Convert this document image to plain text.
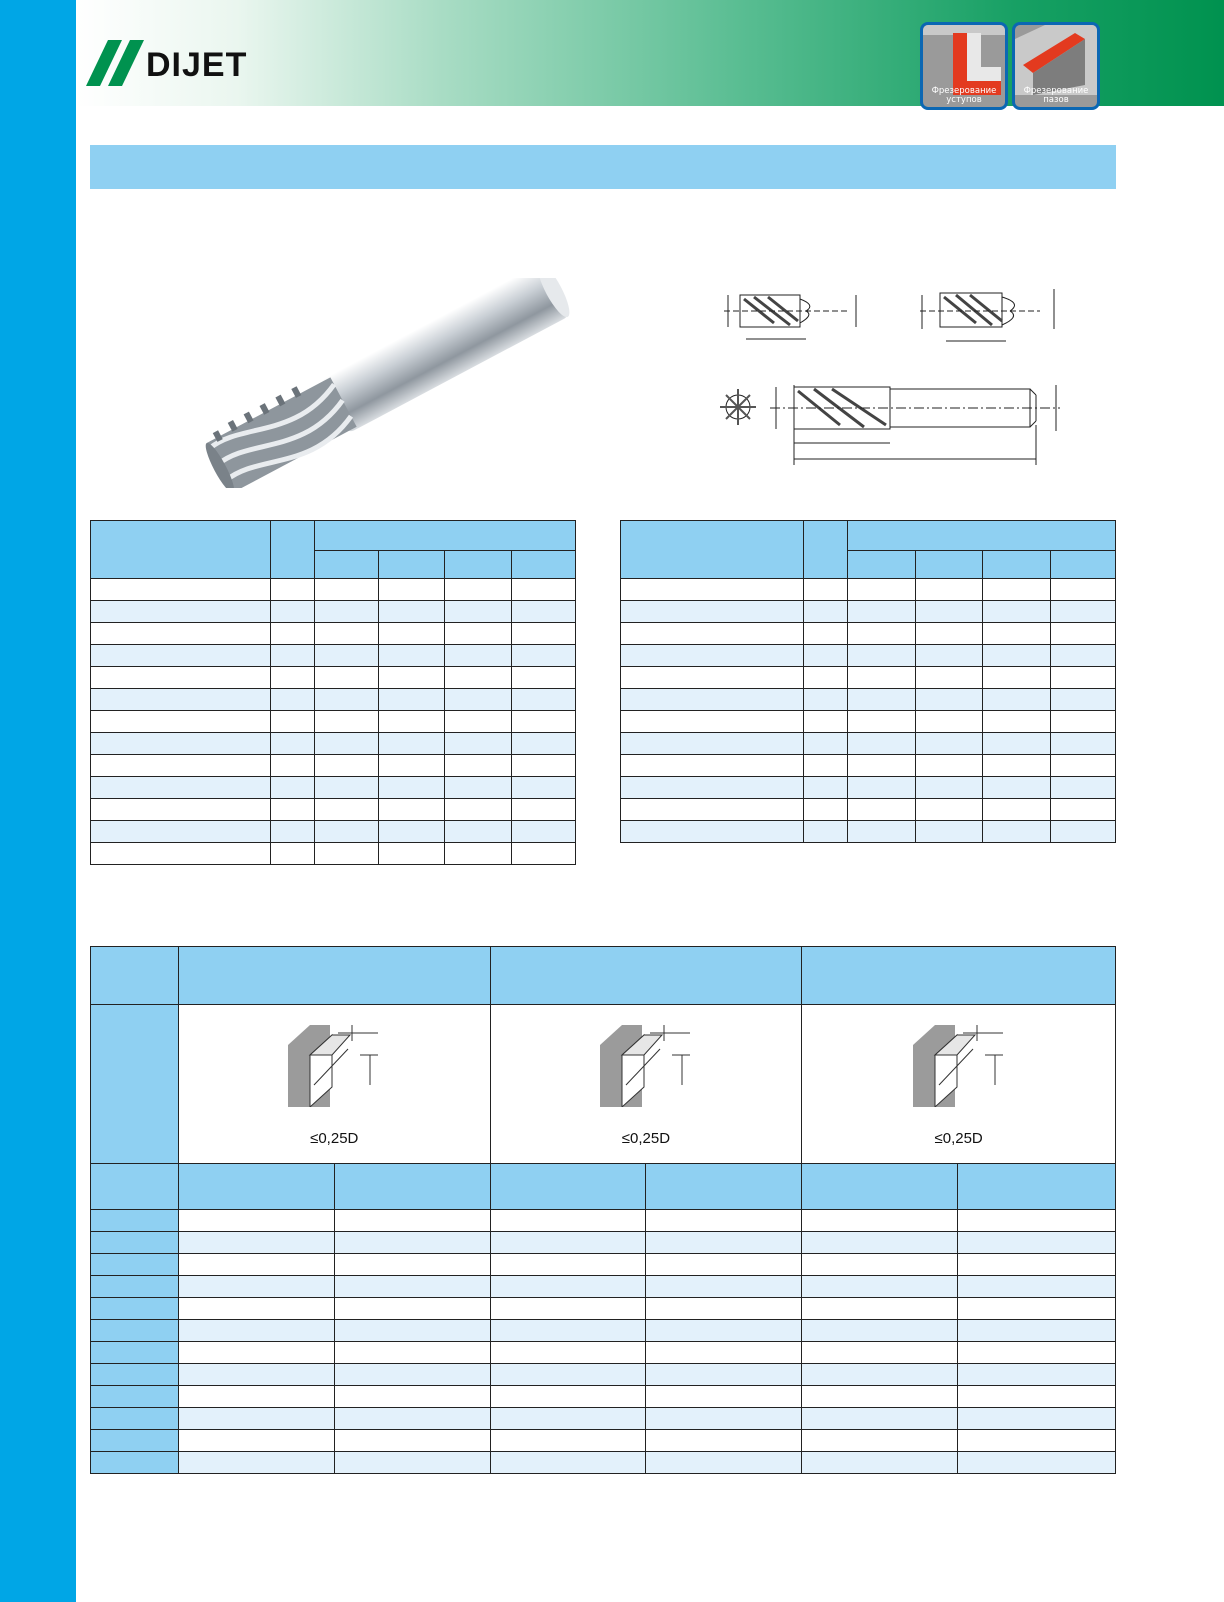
DIJET
Фрезерование уступов
Фрезерование пазов

	≤0,25D		≤0,25D		≤0,25D	
